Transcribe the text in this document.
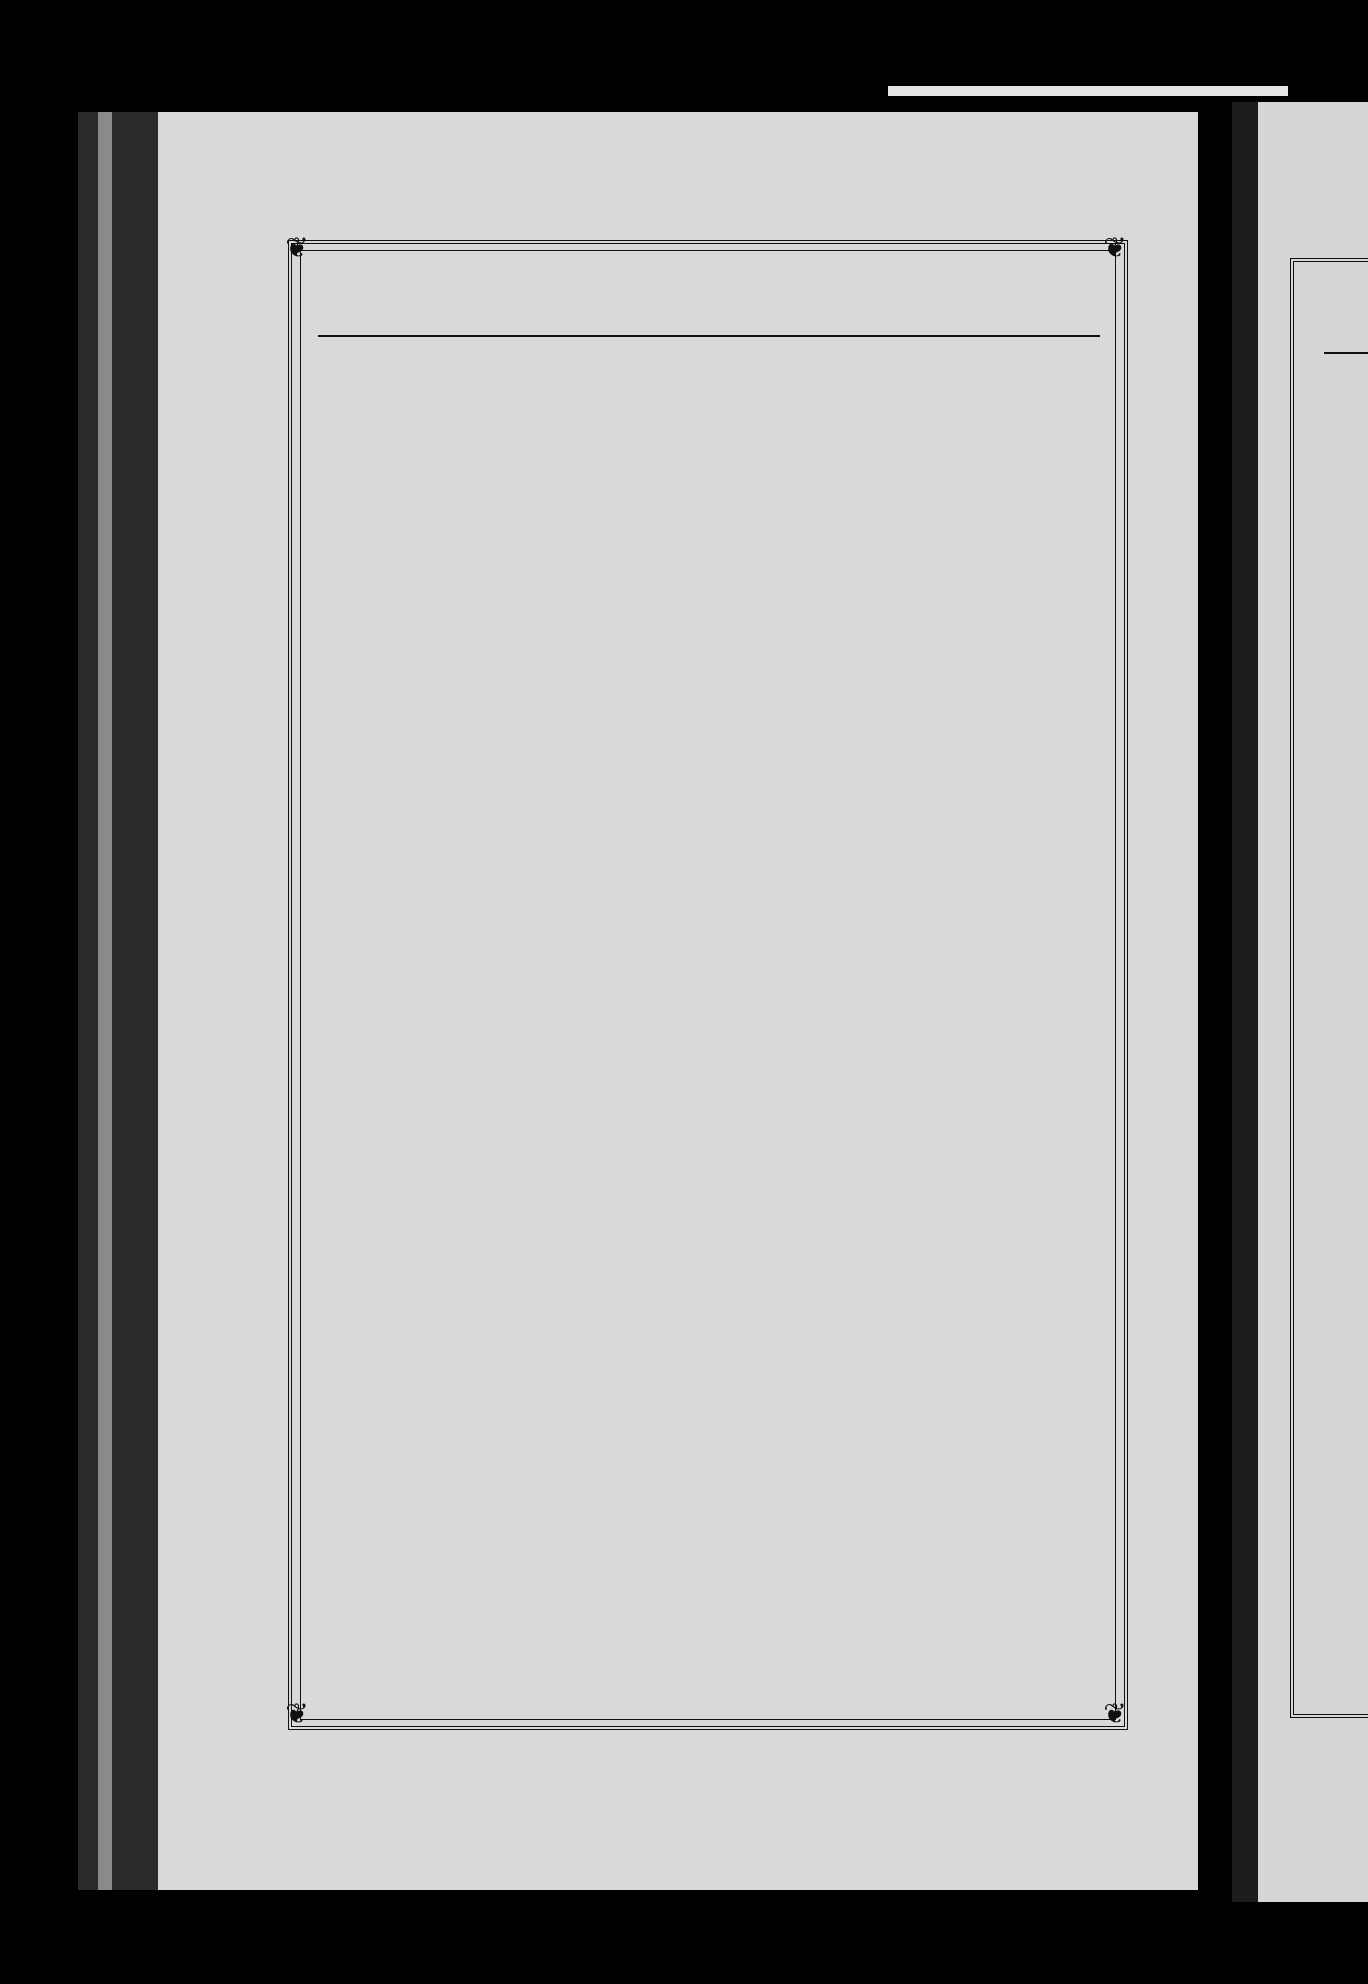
❦	❦
❦	❦
